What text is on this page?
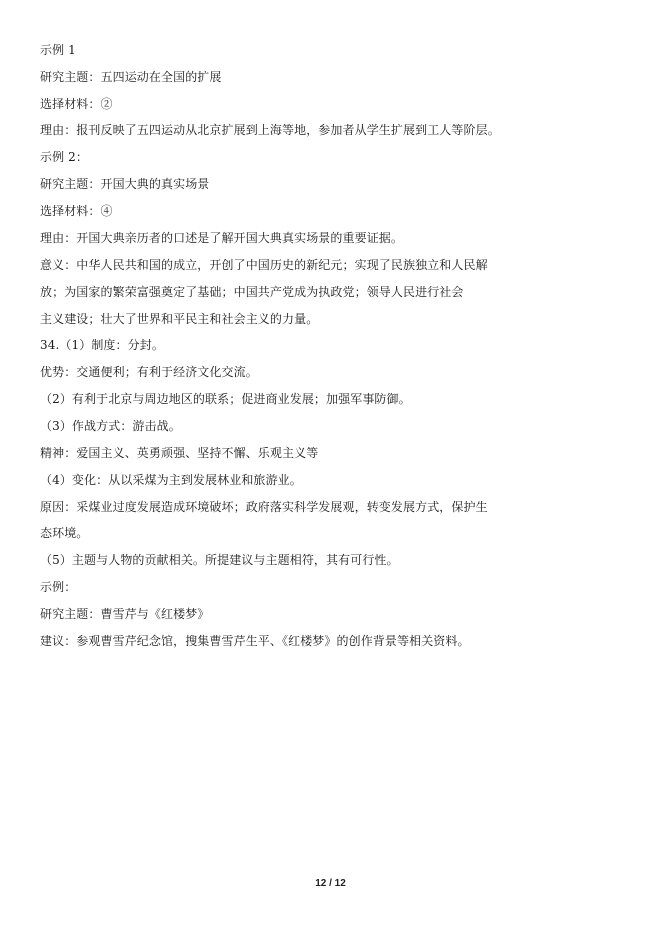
示例 1
研究主题：五四运动在全国的扩展
选择材料：②
理由：报刊反映了五四运动从北京扩展到上海等地，参加者从学生扩展到工人等阶层。
示例 2：
研究主题：开国大典的真实场景
选择材料：④
理由：开国大典亲历者的口述是了解开国大典真实场景的重要证据。
意义：中华人民共和国的成立，开创了中国历史的新纪元；实现了民族独立和人民解
放；为国家的繁荣富强奠定了基础；中国共产党成为执政党；领导人民进行社会
主义建设；壮大了世界和平民主和社会主义的力量。
34.（1）制度：分封。
优势：交通便利；有利于经济文化交流。
（2）有利于北京与周边地区的联系；促进商业发展；加强军事防御。
（3）作战方式：游击战。
精神：爱国主义、英勇顽强、坚持不懈、乐观主义等
（4）变化：从以采煤为主到发展林业和旅游业。
原因：采煤业过度发展造成环境破坏；政府落实科学发展观，转变发展方式，保护生
态环境。
（5）主题与人物的贡献相关。所提建议与主题相符，其有可行性。
示例：
研究主题：曹雪芹与《红楼梦》
建议：参观曹雪芹纪念馆，搜集曹雪芹生平、《红楼梦》的创作背景等相关资料。
12 / 12
